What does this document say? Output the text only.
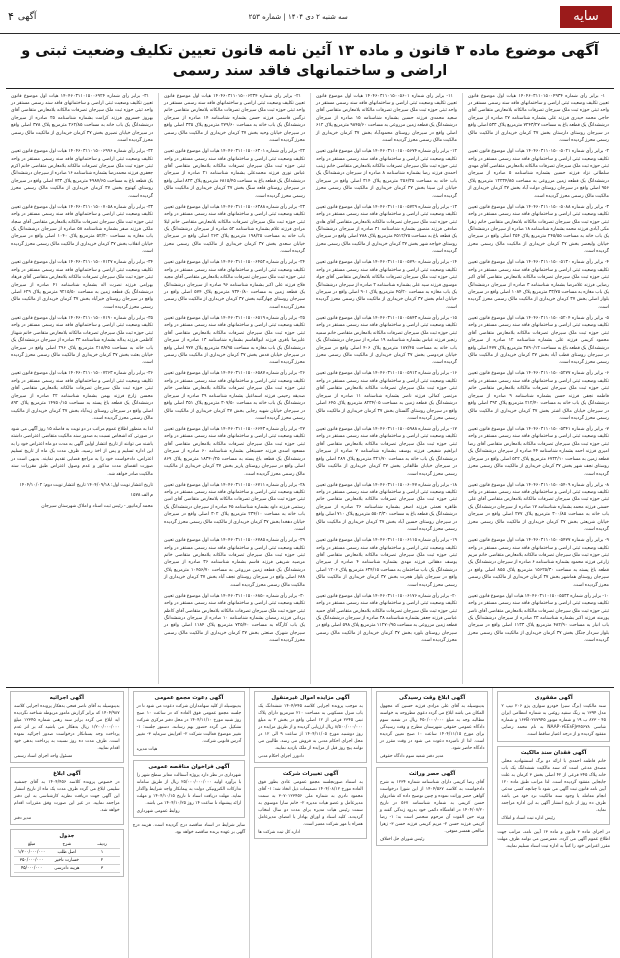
سایه
سه شنبه ۲ دی ۱۴۰۴ | شماره ۲۵۳
آگهی
۴
آگهی موضوع ماده ۳ قانون و ماده ۱۳ آئین نامه قانون تعیین تکلیف وضعیت ثبتی و اراضی و ساختمانهای فاقد سند رسمی

۱- برابر رأی شماره ۱۴۰۴۶۰۳۱۱۰۱۵۰۰۴۹۳۴ هیات اول موضوع قانون تعیین تکلیف وضعیت ثبتی اراضی و ساختمانهای فاقد سند رسمی مستقر در واحد ثبتی حوزه ثبت ملک سیرجان تصرفات مالکانه بلامعارض متقاضی آقای حاجی محمد حیدری فرزند علی بشماره شناسنامه ۲۷ صادره از سیرجان درششدانگ یک قطعه باغ به مساحت ۷۲۴۳/۲۷ مترمربع پلاک ۵۳۳ اصلی واقع در سیرجان روستای دارستان بخش ۳۷ کرمان خریداری از مالکیت مالک رسمی محرز گردیده است.

۲- برابر رأی شماره ۱۴۰۴۶۰۳۱۱۰۱۵۰۰۵۰۲۱ هیات اول موضوع قانون تعیین تکلیف وضعیت ثبتی اراضی و ساختمانهای فاقد سند رسمی مستقر در واحد ثبتی حوزه ثبت ملک سیرجان تصرفات مالکانه بلامعارض متقاضی آقای مهدی سلطانی نژاد فرزند حسین بشماره شناسنامه ۵ صادره از سیرجان درششدانگ یک قطعه زمین مزروعی به مساحت ۱۲۲۳۴/۸۵ مترمربع پلاک ۹۵۶ اصلی واقع در سیرجان روستای دولت آباد بخش ۳۷ کرمان خریداری از مالکیت مالک رسمی محرز گردیده است.

۳- برابر رأی شماره ۱۴۰۴۶۰۳۱۱۰۱۵۰۰۵۰۸۸ هیات اول موضوع قانون تعیین تکلیف وضعیت ثبتی اراضی و ساختمانهای فاقد سند رسمی مستقر در واحد ثبتی حوزه ثبت ملک سیرجان تصرفات مالکانه بلامعارض متقاضی خانم زهرا مکی آبادی فرزند محمد بشماره شناسنامه ۱۸ صادره از سیرجان درششدانگ یک باب خانه به مساحت ۲۴۵/۵۵ مترمربع پلاک ۲۵۴ اصلی واقع در سیرجان خیابان ولیعصر بخش ۳۷ کرمان خریداری از مالکیت مالک رسمی محرز گردیده است.

۴- برابر رأی شماره ۱۴۰۴۶۰۳۱۱۰۱۵۰۰۵۱۳۰ هیات اول موضوع قانون تعیین تکلیف وضعیت ثبتی اراضی و ساختمانهای فاقد سند رسمی مستقر در واحد ثبتی حوزه ثبت ملک سیرجان تصرفات مالکانه بلامعارض متقاضی آقای اکبر رضایی فرزند غلامرضا بشماره شناسنامه ۳ صادره از سیرجان درششدانگ یک باب مغازه به مساحت ۳۳/۷۵ مترمربع پلاک ۱۰۸۴ اصلی واقع در سیرجان بلوار اصلی بخش ۳۷ کرمان خریداری از مالکیت مالک رسمی محرز گردیده است.

۵- برابر رأی شماره ۱۴۰۴۶۰۳۱۱۰۱۵۰۰۵۲۰۴ هیات اول موضوع قانون تعیین تکلیف وضعیت ثبتی اراضی و ساختمانهای فاقد سند رسمی مستقر در واحد ثبتی حوزه ثبت ملک سیرجان تصرفات مالکانه بلامعارض متقاضی آقای محمود کریمی فرزند علی بشماره شناسنامه ۱۲ صادره از سیرجان درششدانگ یک قطعه باغ به مساحت ۳۸۹۰/۱۲ مترمربع پلاک ۴۷۷ اصلی واقع در سیرجان روستای قطب آباد بخش ۳۷ کرمان خریداری از مالکیت مالک رسمی محرز گردیده است.

۶- برابر رأی شماره ۱۴۰۴۶۰۳۱۱۰۱۵۰۰۵۲۷۷ هیات اول موضوع قانون تعیین تکلیف وضعیت ثبتی اراضی و ساختمانهای فاقد سند رسمی مستقر در واحد ثبتی حوزه ثبت ملک سیرجان تصرفات مالکانه بلامعارض متقاضی خانم فاطمه نجفی فرزند حسن بشماره شناسنامه ۹ صادره از سیرجان درششدانگ یک باب خانه به مساحت ۲۱۲/۴۰ مترمربع پلاک ۳۹۲ اصلی واقع در سیرجان خیابان مالک اشتر بخش ۳۷ کرمان خریداری از مالکیت مالک رسمی محرز گردیده است.

۷- برابر رأی شماره ۱۴۰۴۶۰۳۱۱۰۱۵۰۰۵۳۴۱ هیات اول موضوع قانون تعیین تکلیف وضعیت ثبتی اراضی و ساختمانهای فاقد سند رسمی مستقر در واحد ثبتی حوزه ثبت ملک سیرجان تصرفات مالکانه بلامعارض متقاضی آقای رضا امیری فرزند احمد بشماره شناسنامه ۴۴ صادره از سیرجان درششدانگ یک قطعه زمین به مساحت ۶۷۳۲/۱۰ مترمربع پلاک ۵۲۲ اصلی واقع در سیرجان روستای نجف شهر بخش ۳۷ کرمان خریداری از مالکیت مالک رسمی محرز گردیده است.

۸- برابر رأی شماره ۱۴۰۴۶۰۳۱۱۰۱۵۰۰۵۴۰۹ هیات اول موضوع قانون تعیین تکلیف وضعیت ثبتی اراضی و ساختمانهای فاقد سند رسمی مستقر در واحد ثبتی حوزه ثبت ملک سیرجان تصرفات مالکانه بلامعارض متقاضی آقای علی حسنی فرزند محمد بشماره شناسنامه ۱۷ صادره از سیرجان درششدانگ یک باب خانه به مساحت ۳۰۰/۸۵ مترمربع پلاک ۲۷۷ اصلی واقع در سیرجان خیابان شریعتی بخش ۳۷ کرمان خریداری از مالکیت مالک رسمی محرز گردیده است.

۹- برابر رأی شماره ۱۴۰۴۶۰۳۱۱۰۱۵۰۰۵۴۷۷ هیات اول موضوع قانون تعیین تکلیف وضعیت ثبتی اراضی و ساختمانهای فاقد سند رسمی مستقر در واحد ثبتی حوزه ثبت ملک سیرجان تصرفات مالکانه بلامعارض متقاضی خانم مریم زارعی فرزند محمود بشماره شناسنامه ۶ صادره از سیرجان درششدانگ یک قطعه باغ پسته به مساحت ۱۵۶۲۵/۳۰ مترمربع پلاک ۸۵۵ اصلی واقع در سیرجان روستای هماشهر بخش ۳۷ کرمان خریداری از مالکیت مالک رسمی محرز گردیده است.

۱۰- برابر رأی شماره ۱۴۰۴۶۰۳۱۱۰۱۵۰۰۵۵۳۲ هیات اول موضوع قانون تعیین تکلیف وضعیت ثبتی اراضی و ساختمانهای فاقد سند رسمی مستقر در واحد ثبتی حوزه ثبت ملک سیرجان تصرفات مالکانه بلامعارض متقاضی آقای ناصر پورمند فرزند اکبر بشماره شناسنامه ۲۳ صادره از سیرجان درششدانگ یک باب انبار به مساحت ۴۸۲/۹۰ مترمربع پلاک ۱۱۳۳ اصلی واقع در سیرجان بلوار سردار جنگل بخش ۳۷ کرمان خریداری از مالکیت مالک رسمی محرز گردیده است.

۱۱- برابر رأی شماره ۱۴۰۴۶۰۳۱۱۰۱۵۰۰۵۶۰۱ هیات اول موضوع قانون تعیین تکلیف وضعیت ثبتی اراضی و ساختمانهای فاقد سند رسمی مستقر در واحد ثبتی حوزه ثبت ملک سیرجان تصرفات مالکانه بلامعارض متقاضی آقای سعید محمدی فرزند حسین بشماره شناسنامه ۱۵ صادره از سیرجان درششدانگ یک قطعه زمین مزروعی به مساحت ۹۸۴۵/۶۰ مترمربع پلاک ۶۱۲ اصلی واقع در سیرجان روستای محمودآباد بخش ۳۷ کرمان خریداری از مالکیت مالک رسمی محرز گردیده است.

۱۲- برابر رأی شماره ۱۴۰۴۶۰۳۱۱۰۱۵۰۰۵۶۷۴ هیات اول موضوع قانون تعیین تکلیف وضعیت ثبتی اراضی و ساختمانهای فاقد سند رسمی مستقر در واحد ثبتی حوزه ثبت ملک سیرجان تصرفات مالکانه بلامعارض متقاضی خانم زینب احمدی فرزند رضا بشماره شناسنامه ۸ صادره از سیرجان درششدانگ یک باب خانه به مساحت ۲۵۶/۳۵ مترمربع پلاک ۳۱۴ اصلی واقع در سیرجان خیابان ابن سینا بخش ۳۷ کرمان خریداری از مالکیت مالک رسمی محرز گردیده است.

۱۳- برابر رأی شماره ۱۴۰۴۶۰۳۱۱۰۱۵۰۰۵۷۲۹ هیات اول موضوع قانون تعیین تکلیف وضعیت ثبتی اراضی و ساختمانهای فاقد سند رسمی مستقر در واحد ثبتی حوزه ثبت ملک سیرجان تصرفات مالکانه بلامعارض متقاضی آقای هادی صادقی فرزند منصور بشماره شناسنامه ۳۱ صادره از سیرجان درششدانگ یک قطعه باغ به مساحت ۴۵۱۲/۷۵ مترمربع پلاک ۷۸۸ اصلی واقع در سیرجان روستای خواجه شهر بخش ۳۷ کرمان خریداری از مالکیت مالک رسمی محرز گردیده است.

۱۴- برابر رأی شماره ۱۴۰۴۶۰۳۱۱۰۱۵۰۰۵۷۹۰ هیات اول موضوع قانون تعیین تکلیف وضعیت ثبتی اراضی و ساختمانهای فاقد سند رسمی مستقر در واحد ثبتی حوزه ثبت ملک سیرجان تصرفات مالکانه بلامعارض متقاضی آقای جواد موسوی فرزند سید علی بشماره شناسنامه ۲ صادره از سیرجان درششدانگ یک باب مغازه به مساحت ۴۵/۲۰ مترمربع پلاک ۹۰۱ اصلی واقع در سیرجان خیابان امام بخش ۳۷ کرمان خریداری از مالکیت مالک رسمی محرز گردیده است.

۱۵- برابر رأی شماره ۱۴۰۴۶۰۳۱۱۰۱۵۰۰۵۸۴۳ هیات اول موضوع قانون تعیین تکلیف وضعیت ثبتی اراضی و ساختمانهای فاقد سند رسمی مستقر در واحد ثبتی حوزه ثبت ملک سیرجان تصرفات مالکانه بلامعارض متقاضی خانم سمیه رنجبر فرزند عباس بشماره شناسنامه ۱۹ صادره از سیرجان درششدانگ یک باب خانه به مساحت ۱۸۷/۴۵ مترمربع پلاک ۴۰۶ اصلی واقع در سیرجان خیابان فردوسی بخش ۳۷ کرمان خریداری از مالکیت مالک رسمی محرز گردیده است.

۱۶- برابر رأی شماره ۱۴۰۴۶۰۳۱۱۰۱۵۰۰۵۹۱۲ هیات اول موضوع قانون تعیین تکلیف وضعیت ثبتی اراضی و ساختمانهای فاقد سند رسمی مستقر در واحد ثبتی حوزه ثبت ملک سیرجان تصرفات مالکانه بلامعارض متقاضی آقای مرتضی کمالی فرزند ناصر بشماره شناسنامه ۱۱ صادره از سیرجان درششدانگ یک قطعه زمین به مساحت ۸۲۳۴/۰۵ مترمربع پلاک ۶۴۵ اصلی واقع در سیرجان روستای گلستان بخش ۳۷ کرمان خریداری از مالکیت مالک رسمی محرز گردیده است.

۱۷- برابر رأی شماره ۱۴۰۴۶۰۳۱۱۰۱۵۰۰۵۹۸۸ هیات اول موضوع قانون تعیین تکلیف وضعیت ثبتی اراضی و ساختمانهای فاقد سند رسمی مستقر در واحد ثبتی حوزه ثبت ملک سیرجان تصرفات مالکانه بلامعارض متقاضی آقای ابراهیم شفیعی فرزند یوسف بشماره شناسنامه ۷ صادره از سیرجان درششدانگ یک باب خانه به مساحت ۳۲۱/۷۰ مترمربع پلاک ۲۸۹ اصلی واقع در سیرجان خیابان طالقانی بخش ۳۷ کرمان خریداری از مالکیت مالک رسمی محرز گردیده است.

۱۸- برابر رأی شماره ۱۴۰۴۶۰۳۱۱۰۱۵۰۰۶۰۴۷ هیات اول موضوع قانون تعیین تکلیف وضعیت ثبتی اراضی و ساختمانهای فاقد سند رسمی مستقر در واحد ثبتی حوزه ثبت ملک سیرجان تصرفات مالکانه بلامعارض متقاضی خانم طاهره نعمتی فرزند اصغر بشماره شناسنامه ۲۶ صادره از سیرجان درششدانگ یک قطعه باغ به مساحت ۵۵۰۳/۳۰ مترمربع پلاک ۷۱۰ اصلی واقع در سیرجان روستای حسین آباد بخش ۳۷ کرمان خریداری از مالکیت مالک رسمی محرز گردیده است.

۱۹- برابر رأی شماره ۱۴۰۴۶۰۳۱۱۰۱۵۰۰۶۱۱۵ هیات اول موضوع قانون تعیین تکلیف وضعیت ثبتی اراضی و ساختمانهای فاقد سند رسمی مستقر در واحد ثبتی حوزه ثبت ملک سیرجان تصرفات مالکانه بلامعارض متقاضی آقای یوسف دهقانی فرزند مهدی بشماره شناسنامه ۴ صادره از سیرجان درششدانگ یک باب ساختمان به مساحت ۶۳۴/۱۵ مترمربع پلاک ۱۲۰۶ اصلی واقع در سیرجان بلوار هجرت بخش ۳۷ کرمان خریداری از مالکیت مالک رسمی محرز گردیده است.

۲۰- برابر رأی شماره ۱۴۰۴۶۰۳۱۱۰۱۵۰۰۶۱۷۶ هیات اول موضوع قانون تعیین تکلیف وضعیت ثبتی اراضی و ساختمانهای فاقد سند رسمی مستقر در واحد ثبتی حوزه ثبت ملک سیرجان تصرفات مالکانه بلامعارض متقاضی آقای حمید عباسی فرزند جعفر بشماره شناسنامه ۳۸ صادره از سیرجان درششدانگ یک قطعه زمین مزروعی به مساحت ۱۱۲۷۰/۹۵ مترمربع پلاک ۵۹۸ اصلی واقع در سیرجان روستای بلورد بخش ۳۷ کرمان خریداری از مالکیت مالک رسمی محرز گردیده است.

۲۱- برابر رأی شماره ۱۴۰۴۶۰۳۱۱۰۱۵۰۰۶۲۳۴ هیات اول موضوع قانون تعیین تکلیف وضعیت ثبتی اراضی و ساختمانهای فاقد سند رسمی مستقر در واحد ثبتی حوزه ثبت ملک سیرجان تصرفات مالکانه بلامعارض متقاضی خانم نرگس قاسمی فرزند حسن بشماره شناسنامه ۱۴ صادره از سیرجان درششدانگ یک باب خانه به مساحت ۲۷۹/۶۰ مترمربع پلاک ۳۳۵ اصلی واقع در سیرجان خیابان وحید بخش ۳۷ کرمان خریداری از مالکیت مالک رسمی محرز گردیده است.

۲۲- برابر رأی شماره ۱۴۰۴۶۰۳۱۱۰۱۵۰۰۶۳۰۱ هیات اول موضوع قانون تعیین تکلیف وضعیت ثبتی اراضی و ساختمانهای فاقد سند رسمی مستقر در واحد ثبتی حوزه ثبت ملک سیرجان تصرفات مالکانه بلامعارض متقاضی آقای عباس نوری فرزند محمدعلی بشماره شناسنامه ۲۱ صادره از سیرجان درششدانگ یک قطعه باغ به مساحت ۶۸۱۵/۴۵ مترمربع پلاک ۸۲۳ اصلی واقع در سیرجان روستای قلعه سنگ بخش ۳۷ کرمان خریداری از مالکیت مالک رسمی محرز گردیده است.

۲۳- برابر رأی شماره ۱۴۰۴۶۰۳۱۱۰۱۵۰۰۶۳۸۸ هیات اول موضوع قانون تعیین تکلیف وضعیت ثبتی اراضی و ساختمانهای فاقد سند رسمی مستقر در واحد ثبتی حوزه ثبت ملک سیرجان تصرفات مالکانه بلامعارض متقاضی خانم لیلا مرادی فرزند غلام بشماره شناسنامه ۵۲ صادره از سیرجان درششدانگ یک باب خانه به مساحت ۱۹۸/۲۵ مترمربع پلاک ۲۶۳ اصلی واقع در سیرجان خیابان سعدی بخش ۳۷ کرمان خریداری از مالکیت مالک رسمی محرز گردیده است.

۲۴- برابر رأی شماره ۱۴۰۴۶۰۳۱۱۰۱۵۰۰۶۴۵۲ هیات اول موضوع قانون تعیین تکلیف وضعیت ثبتی اراضی و ساختمانهای فاقد سند رسمی مستقر در واحد ثبتی حوزه ثبت ملک سیرجان تصرفات مالکانه بلامعارض متقاضی آقای مجید فلاح فرزند علی اکبر بشماره شناسنامه ۹۶ صادره از سیرجان درششدانگ یک قطعه زمین به مساحت ۷۳۴۰/۸۰ مترمربع پلاک ۵۷۴ اصلی واقع در سیرجان روستای چهارگنبد بخش ۳۷ کرمان خریداری از مالکیت مالک رسمی محرز گردیده است.

۲۵- برابر رأی شماره ۱۴۰۴۶۰۳۱۱۰۱۵۰۰۶۵۱۹ هیات اول موضوع قانون تعیین تکلیف وضعیت ثبتی اراضی و ساختمانهای فاقد سند رسمی مستقر در واحد ثبتی حوزه ثبت ملک سیرجان تصرفات مالکانه بلامعارض متقاضی آقای علیرضا باقری فرزند ابوالقاسم بشماره شناسنامه ۱۳ صادره از سیرجان درششدانگ یک باب مغازه به مساحت ۳۸/۹۵ مترمربع پلاک ۹۷۷ اصلی واقع در سیرجان خیابان قدس بخش ۳۷ کرمان خریداری از مالکیت مالک رسمی محرز گردیده است.

۲۶- برابر رأی شماره ۱۴۰۴۶۰۳۱۱۰۱۵۰۰۶۵۸۷ هیات اول موضوع قانون تعیین تکلیف وضعیت ثبتی اراضی و ساختمانهای فاقد سند رسمی مستقر در واحد ثبتی حوزه ثبت ملک سیرجان تصرفات مالکانه بلامعارض متقاضی خانم صدیقه رحیمی فرزند اسماعیل بشماره شناسنامه ۲۹ صادره از سیرجان درششدانگ یک باب خانه به مساحت ۳۰۷/۵۰ مترمربع پلاک ۳۵۱ اصلی واقع در سیرجان خیابان شهید رجایی بخش ۳۷ کرمان خریداری از مالکیت مالک رسمی محرز گردیده است.

۲۷- برابر رأی شماره ۱۴۰۴۶۰۳۱۱۰۱۵۰۰۶۶۴۳ هیات اول موضوع قانون تعیین تکلیف وضعیت ثبتی اراضی و ساختمانهای فاقد سند رسمی مستقر در واحد ثبتی حوزه ثبت ملک سیرجان تصرفات مالکانه بلامعارض متقاضی آقای مسعود اسدی فرزند حسینعلی بشماره شناسنامه ۶۰ صادره از سیرجان درششدانگ یک قطعه باغ پسته به مساحت ۱۸۳۴۰/۲۵ مترمربع پلاک ۸۶۹ اصلی واقع در سیرجان روستای پاریز بخش ۳۷ کرمان خریداری از مالکیت مالک رسمی محرز گردیده است.

۲۸- برابر رأی شماره ۱۴۰۴۶۰۳۱۱۰۱۵۰۰۶۷۱۱ هیات اول موضوع قانون تعیین تکلیف وضعیت ثبتی اراضی و ساختمانهای فاقد سند رسمی مستقر در واحد ثبتی حوزه ثبت ملک سیرجان تصرفات مالکانه بلامعارض متقاضی آقای امین رستمی فرزند داود بشماره شناسنامه ۴۵ صادره از سیرجان درششدانگ یک باب خانه به مساحت ۲۳۴/۱۰ مترمربع پلاک ۳۰۲ اصلی واقع در سیرجان خیابان دهخدا بخش ۳۷ کرمان خریداری از مالکیت مالک رسمی محرز گردیده است.

۲۹- برابر رأی شماره ۱۴۰۴۶۰۳۱۱۰۱۵۰۰۶۷۸۵ هیات اول موضوع قانون تعیین تکلیف وضعیت ثبتی اراضی و ساختمانهای فاقد سند رسمی مستقر در واحد ثبتی حوزه ثبت ملک سیرجان تصرفات مالکانه بلامعارض متقاضی خانم مرضیه شریفی فرزند قاسم بشماره شناسنامه ۳۶ صادره از سیرجان درششدانگ یک قطعه زمین مزروعی به مساحت ۱۰۴۵۶/۷۰ مترمربع پلاک ۶۸۸ اصلی واقع در سیرجان روستای نجف آباد بخش ۳۷ کرمان خریداری از مالکیت مالک رسمی محرز گردیده است.

۳۰- برابر رأی شماره ۱۴۰۴۶۰۳۱۱۰۱۵۰۰۶۸۵۰ هیات اول موضوع قانون تعیین تکلیف وضعیت ثبتی اراضی و ساختمانهای فاقد سند رسمی مستقر در واحد ثبتی حوزه ثبت ملک سیرجان تصرفات مالکانه بلامعارض متقاضی آقای کاظم یزدانی فرزند رمضان بشماره شناسنامه ۱۰ صادره از سیرجان درششدانگ یک باب کارگاه به مساحت ۷۲۵/۴۰ مترمربع پلاک ۱۱۸۴ اصلی واقع در سیرجان شهرک صنعتی بخش ۳۷ کرمان خریداری از مالکیت مالک رسمی محرز گردیده است.

۳۱- برابر رأی شماره ۱۴۰۴۶۰۳۱۱۰۱۵۰۰۶۹۲۴ هیات اول موضوع قانون تعیین تکلیف وضعیت ثبتی اراضی و ساختمانهای فاقد سند رسمی مستقر در واحد ثبتی حوزه ثبت ملک سیرجان تصرفات مالکانه بلامعارض متقاضی آقای بهروز خسروی فرزند کرامت بشماره شناسنامه ۲۵ صادره از سیرجان درششدانگ یک باب خانه به مساحت ۲۶۲/۸۵ مترمربع پلاک ۳۷۸ اصلی واقع در سیرجان خیابان نصیری بخش ۳۷ کرمان خریداری از مالکیت مالک رسمی محرز گردیده است.

۳۲- برابر رأی شماره ۱۴۰۴۶۰۳۱۱۰۱۵۰۰۶۹۹۶ هیات اول موضوع قانون تعیین تکلیف وضعیت ثبتی اراضی و ساختمانهای فاقد سند رسمی مستقر در واحد ثبتی حوزه ثبت ملک سیرجان تصرفات مالکانه بلامعارض متقاضی خانم اکرم جعفری فرزند محمدرضا بشماره شناسنامه ۱۶ صادره از سیرجان درششدانگ یک قطعه باغ به مساحت ۴۹۸۷/۶۵ مترمربع پلاک ۷۳۳ اصلی واقع در سیرجان روستای کهنوج بخش ۳۷ کرمان خریداری از مالکیت مالک رسمی محرز گردیده است.

۳۳- برابر رأی شماره ۱۴۰۴۶۰۳۱۱۰۱۵۰۰۷۰۵۸ هیات اول موضوع قانون تعیین تکلیف وضعیت ثبتی اراضی و ساختمانهای فاقد سند رسمی مستقر در واحد ثبتی حوزه ثبت ملک سیرجان تصرفات مالکانه بلامعارض متقاضی آقای سجاد ملکی فرزند صفر بشماره شناسنامه ۵۸ صادره از سیرجان درششدانگ یک باب مغازه به مساحت ۵۲/۳۰ مترمربع پلاک ۱۰۴۰ اصلی واقع در سیرجان خیابان انقلاب بخش ۳۷ کرمان خریداری از مالکیت مالک رسمی محرز گردیده است.

۳۴- برابر رأی شماره ۱۴۰۴۶۰۳۱۱۰۱۵۰۰۷۱۲۷ هیات اول موضوع قانون تعیین تکلیف وضعیت ثبتی اراضی و ساختمانهای فاقد سند رسمی مستقر در واحد ثبتی حوزه ثبت ملک سیرجان تصرفات مالکانه بلامعارض متقاضی آقای فرهاد بهرامی فرزند نصرت اله بشماره شناسنامه ۴۱ صادره از سیرجان درششدانگ یک قطعه زمین به مساحت ۹۲۱۵/۵۰ مترمربع پلاک ۶۲۹ اصلی واقع در سیرجان روستای خیرآباد بخش ۳۷ کرمان خریداری از مالکیت مالک رسمی محرز گردیده است.

۳۵- برابر رأی شماره ۱۴۰۴۶۰۳۱۱۰۱۵۰۰۷۱۹۰ هیات اول موضوع قانون تعیین تکلیف وضعیت ثبتی اراضی و ساختمانهای فاقد سند رسمی مستقر در واحد ثبتی حوزه ثبت ملک سیرجان تصرفات مالکانه بلامعارض متقاضی خانم شهناز کاظمی فرزند یداله بشماره شناسنامه ۳۳ صادره از سیرجان درششدانگ یک باب خانه به مساحت ۲۱۸/۴۵ مترمربع پلاک ۲۹۶ اصلی واقع در سیرجان خیابان بعثت بخش ۳۷ کرمان خریداری از مالکیت مالک رسمی محرز گردیده است.

۳۶- برابر رأی شماره ۱۴۰۴۶۰۳۱۱۰۱۵۰۰۷۲۶۳ هیات اول موضوع قانون تعیین تکلیف وضعیت ثبتی اراضی و ساختمانهای فاقد سند رسمی مستقر در واحد ثبتی حوزه ثبت ملک سیرجان تصرفات مالکانه بلامعارض متقاضی آقای محسن زارع فرزند بهمن بشماره شناسنامه ۲۲ صادره از سیرجان درششدانگ یک قطعه باغ پسته به مساحت ۱۴۷۵۰/۱۵ مترمربع پلاک ۸۹۲ اصلی واقع در سیرجان روستای زیدآباد بخش ۳۷ کرمان خریداری از مالکیت مالک رسمی محرز گردیده است.

لذا به منظور اطلاع عموم مراتب در دو نوبت به فاصله ۱۵ روز آگهی می شود در صورتی که اشخاص نسبت به صدور سند مالکیت متقاضی اعتراضی داشته باشند می توانند از تاریخ انتشار اولین آگهی به مدت دو ماه اعتراض خود را به این اداره تسلیم و پس از اخذ رسید، ظرف مدت یک ماه از تاریخ تسلیم اعتراض، دادخواست خود را به مراجع قضایی تقدیم نمایند. بدیهی است در صورت انقضای مدت مذکور و عدم وصول اعتراض طبق مقررات سند مالکیت صادر خواهد شد.

تاریخ انتشار نوبت اول: ۱۴۰۴/۰۹/۱۸ تاریخ انتشار نوبت دوم: ۱۴۰۴/۱۰/۰۲

م الف ۱۵۷۸

محمد آرمانپور - رئیس ثبت اسناد و املاک شهرستان سیرجان

آگهی مفقودی
سند مالکیت (برگ سبز) خودرو سواری پژو ۲۰۶ تیپ ۲ مدل ۱۳۹۴ به رنگ سفید روغنی به شماره انتظامی ایران ۴۵ - ۸۲۳ ب ۱۹ و شماره موتور ۱۶۳B۰۲۸۷۹۴۵ و شماره شاسی NAAP۰۳EE۸FJ۳۴۵۶۷۸ به نام محمد رضایی مفقود گردیده و از درجه اعتبار ساقط است.
آگهی فقدان سند مالکیت
خانم فاطمه احمدی با ارائه دو برگ استشهادیه محلی مصدق مدعی است که سند مالکیت ششدانگ یک باب خانه پلاک ۳۴۵ فرعی از ۴۲ اصلی بخش ۳ کرمان به علت جابجایی مفقود گردیده است. لذا مراتب طبق ماده ۱۲۰ آیین نامه قانون ثبت آگهی می شود تا چنانچه کسی مدعی انجام معامله یا وجود سند مالکیت نزد خود می باشد ظرف ده روز از تاریخ انتشار آگهی به این اداره مراجعه نماید.
رئیس اداره ثبت اسناد و املاک
در اجرای ماده ۳ قانون و ماده ۱۳ آیین نامه، مراتب جهت اطلاع عموم آگهی می گردد. معترضین می توانند ظرف مهلت مقرر اعتراض خود را کتباً به اداره ثبت اسناد تسلیم نمایند.
آگهی ابلاغ وقت رسیدگی
بدینوسیله به آقای علی مرادی فرزند حسین که مجهول المکان می باشد ابلاغ می گردد دعوی مطروحه به خواسته مطالبه وجه به مبلغ ۴۵۰/۰۰۰/۰۰۰ ریال در شعبه سوم دادگاه عمومی حقوقی شهرستان مطرح و وقت رسیدگی برای مورخ ۱۴۰۴/۱۱/۱۵ ساعت ۱۰ صبح تعیین گردیده است. لذا از نامبرده دعوت می شود در وقت مقرر در دادگاه حاضر شود.
مدیر دفتر شعبه سوم دادگاه حقوقی
آگهی حصر وراثت
آقای رضا کریمی دارای شناسنامه شماره ۱۲۳۴ به شرح دادخواست به کلاسه ۱۴۰۴/۵۶۷ از این شورا درخواست گواهی حصر وراثت نموده و چنین توضیح داده که شادروان حسن کریمی به شماره شناسنامه ۵۶۷ در تاریخ ۱۴۰۴/۰۷/۲۰ در اقامتگاه دائمی خود بدرود زندگی گفته و ورثه حین الفوت آن مرحوم منحصر است به: ۱- رضا کریمی فرزند حسن ۲- مریم کریمی فرزند حسن ۳- زهرا صالحی همسر متوفی.
رئیس شورای حل اختلاف
آگهی مزایده اموال غیرمنقول
به موجب پرونده اجرایی کلاسه ۱۴۰۴/۳۴۵ ششدانگ یک باب منزل مسکونی به مساحت ۲۱۰ مترمربع دارای پلاک ثبتی ۲۳۴۵ فرعی از ۱۲ اصلی واقع در بخش ۲ به مبلغ ۸/۵۰۰/۰۰۰/۰۰۰ ریال ارزیابی گردیده و از طریق مزایده در روز دوشنبه مورخ ۱۴۰۴/۱۱/۰۵ از ساعت ۹ الی ۱۲ در محل اجرای احکام مدنی به فروش می رسد. طالبین می توانند پنج روز قبل از مزایده از ملک بازدید نمایند.
دادورز اجرای احکام مدنی
آگهی تغییرات شرکت
به استناد صورتجلسه مجمع عمومی عادی بطور فوق العاده مورخ ۱۴۰۴/۰۸/۱۲ تصمیمات ذیل اتخاذ شد: ۱- آقای محمود نادری به شماره ملی ۳۰۷۰۱۲۳۴۵۶ به سمت مدیرعامل و عضو هیات مدیره ۲- خانم سارا موسوی به سمت رئیس هیات مدیره برای مدت دو سال انتخاب گردیدند. کلیه اسناد و اوراق بهادار با امضای مدیرعامل همراه با مهر شرکت معتبر است.
اداره کل ثبت شرکت ها
آگهی دعوت مجمع عمومی
بدینوسیله از کلیه سهامداران شرکت دعوت می شود تا در جلسه مجمع عمومی فوق العاده که در ساعت ۱۰ صبح روز شنبه مورخ ۱۴۰۴/۱۱/۱۰ در محل دفتر مرکزی شرکت تشکیل می گردد حضور بهم رسانند. دستور جلسه: ۱- تغییر موضوع فعالیت شرکت ۲- افزایش سرمایه ۳- تغییر آدرس قانونی شرکت.
هیات مدیره
آگهی فراخوان مناقصه عمومی
شهرداری در نظر دارد پروژه آسفالت معابر سطح شهر را با برآورد اولیه ۲۵/۰۰۰/۰۰۰/۰۰۰ ریال از طریق سامانه تدارکات الکترونیکی دولت به پیمانکار واجد شرایط واگذار نماید. مهلت دریافت اسناد تا تاریخ ۱۴۰۴/۱۰/۱۵ و مهلت ارائه پیشنهاد تا ساعت ۱۴ روز ۱۴۰۴/۱۰/۲۵ می باشد.
روابط عمومی شهرداری
سایر شرایط در اسناد مناقصه درج گردیده است. هزینه درج آگهی بر عهده برنده مناقصه خواهد بود.
آگهی اجرائیه
بدینوسیله به آقای ناصر فتحی بدهکار پرونده اجرایی کلاسه ۱۴۰۴/۹۸۷ که برابر گزارش مامور مربوطه شناخته نگردیده اید ابلاغ می گردد برابر سند رهنی شماره ۱۲۳۴۵ مبلغ ۱/۲۰۰/۰۰۰/۰۰۰ ریال بدهکار می باشید که بر اثر عدم پرداخت وجه بستانکار درخواست صدور اجرائیه نموده است. ظرف مدت ده روز نسبت به پرداخت بدهی خود اقدام نمایید.
مسئول واحد اجرای اسناد رسمی
آگهی ابلاغ
در خصوص پرونده کلاسه ۱۴۰۴/۴۵۶ به آقای جمشید سلیمی ابلاغ می گردد ظرف مدت یک ماه از تاریخ انتشار این آگهی جهت دریافت نظریه کارشناسی به این دفتر مراجعه نمایید. در غیر این صورت وفق مقررات اقدام خواهد شد.
مدیر دفتر
جدول
ردیف
شرح
مبلغ
۱
اصل طلب
۱/۲۰۰/۰۰۰/۰۰۰
۲
خسارت تاخیر
۳۵۰/۰۰۰/۰۰۰
۳
هزینه دادرسی
۴۵/۰۰۰/۰۰۰
